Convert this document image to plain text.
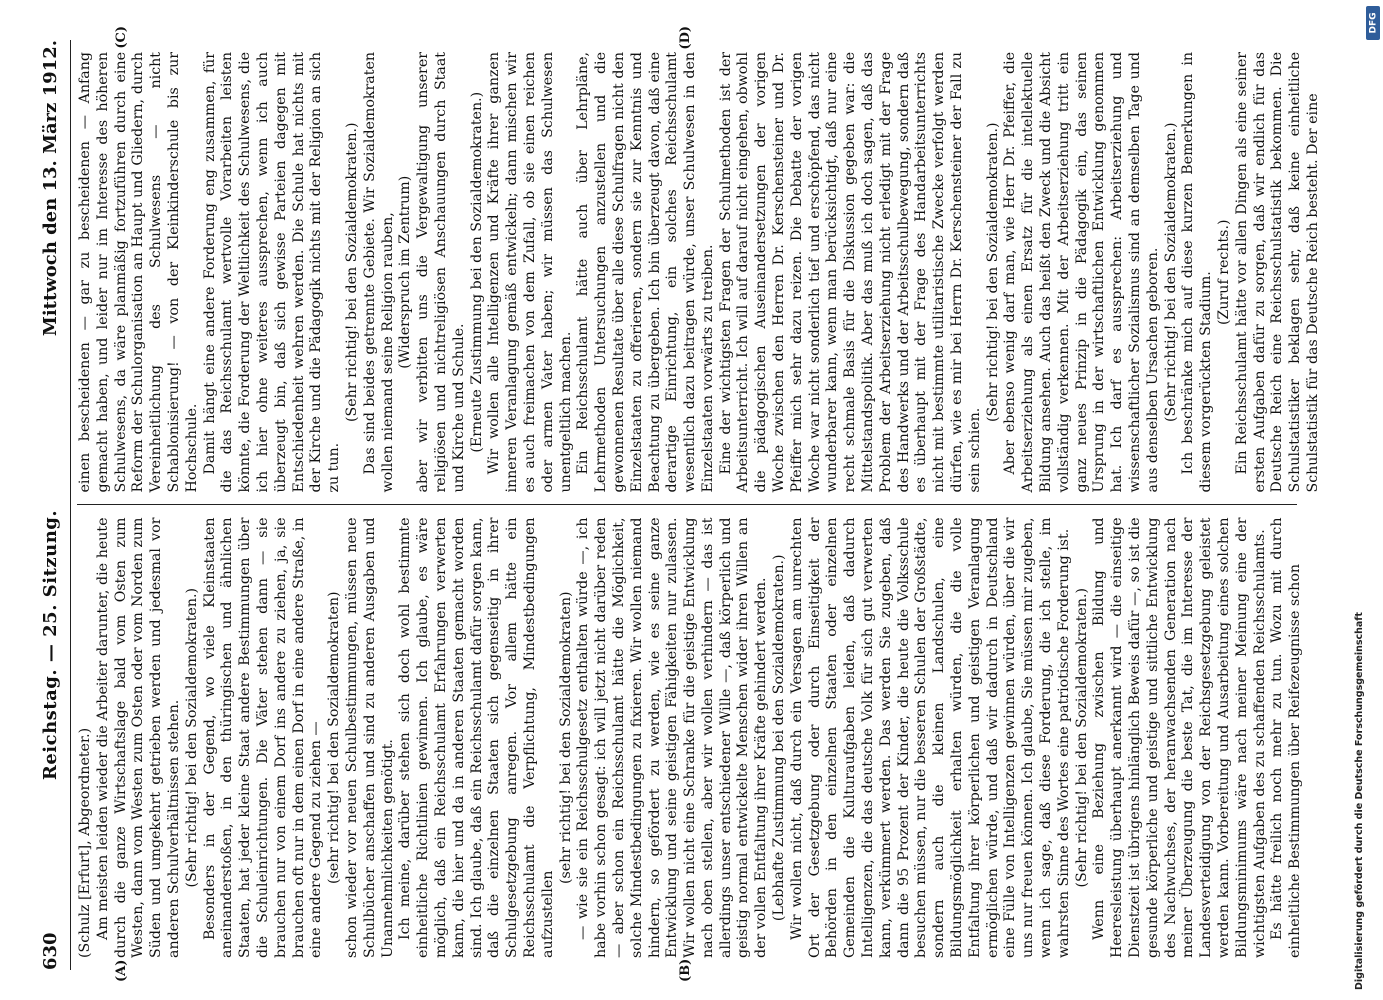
630
Reichstag. — 25. Sitzung.
Mittwoch den 13. März 1912.
(A)	(B)

(Schulz [Erfurt], Abgeordneter.) Am meisten leiden wieder die Arbeiter darunter, die heute durch die ganze Wirtschaftslage bald vom Osten zum Westen, dann vom Westen zum Osten oder vom Norden zum Süden und umgekehrt getrieben werden und jedesmal vor anderen Schulverhältnissen stehen. (Sehr richtig! bei den Sozialdemokraten.) Besonders in der Gegend, wo viele Kleinstaaten aneinanderstoßen, in den thüringischen und ähnlichen Staaten, hat jeder kleine Staat andere Bestimmungen über die Schuleinrichtungen. Die Väter stehen dann — sie brauchen nur von einem Dorf ins andere zu ziehen, ja, sie brauchen oft nur in dem einen Dorf in eine andere Straße, in eine andere Gegend zu ziehen — (sehr richtig! bei den Sozialdemokraten) schon wieder vor neuen Schulbestimmungen, müssen neue Schulbücher anschaffen und sind zu anderen Ausgaben und Unannehmlichkeiten genötigt. Ich meine, darüber stehen sich doch wohl bestimmte einheitliche Richtlinien gewinnen. Ich glaube, es wäre möglich, daß ein Reichsschulamt Erfahrungen verwerten kann, die hier und da in anderen Staaten gemacht worden sind. Ich glaube, daß ein Reichsschulamt dafür sorgen kann, daß die einzelnen Staaten sich gegenseitig in ihrer Schulgesetzgebung anregen. Vor allem hätte ein Reichsschulamt die Verpflichtung, Mindestbedingungen aufzustellen

(sehr richtig! bei den Sozialdemokraten) — wie sie ein Reichsschulgesetz enthalten würde —, ich habe vorhin schon gesagt: ich will jetzt nicht darüber reden — aber schon ein Reichsschulamt hätte die Möglichkeit, solche Mindestbedingungen zu fixieren. Wir wollen niemand hindern, so gefördert zu werden, wie es seine ganze Entwicklung und seine geistigen Fähigkeiten nur zulassen. Wir wollen nicht eine Schranke für die geistige Entwicklung nach oben stellen, aber wir wollen verhindern — das ist allerdings unser entschiedener Wille —, daß körperlich und geistig normal entwickelte Menschen wider ihren Willen an der vollen Entfaltung ihrer Kräfte gehindert werden. (Lebhafte Zustimmung bei den Sozialdemokraten.) Wir wollen nicht, daß durch ein Versagen am unrechten Ort der Gesetzgebung oder durch Einseitigkeit der Behörden in den einzelnen Staaten oder einzelnen Gemeinden die Kulturaufgaben leiden, daß dadurch Intelligenzen, die das deutsche Volk für sich gut verwerten kann, verkümmert werden. Das werden Sie zugeben, daß dann die 95 Prozent der Kinder, die heute die Volksschule besuchen müssen, nur die besseren Schulen der Großstädte, sondern auch die kleinen Landschulen, eine Bildungsmöglichkeit erhalten würden, die die volle Entfaltung ihrer körperlichen und geistigen Veranlagung ermöglichen würde, und daß wir dadurch in Deutschland eine Fülle von Intelligenzen gewinnen würden, über die wir uns nur freuen können. Ich glaube, Sie müssen mir zugeben, wenn ich sage, daß diese Forderung, die ich stelle, im wahrsten Sinne des Wortes eine patriotische Forderung ist. (Sehr richtig! bei den Sozialdemokraten.) Wenn eine Beziehung zwischen Bildung und Heeresleistung überhaupt anerkannt wird — die einseitige Dienstzeit ist übrigens hinlänglich Beweis dafür —, so ist die gesunde körperliche und geistige und sittliche Entwicklung des Nachwuchses, der heranwachsenden Generation nach meiner Überzeugung die beste Tat, die im Interesse der Landesverteidigung von der Reichsgesetzgebung geleistet werden kann. Vorbereitung und Ausarbeitung eines solchen Bildungsminimums wäre nach meiner Meinung eine der wichtigsten Aufgaben des zu schaffenden Reichsschulamts. Es hätte freilich noch mehr zu tun. Wozu mit durch einheitliche Bestimmungen über Reifezeugnisse schon

(C)	(D)

einen bescheidenen — gar zu bescheidenen — Anfang gemacht haben, und leider nur im Interesse des höheren Schulwesens, da wäre planmäßig fortzuführen durch eine Reform der Schulorganisation an Haupt und Gliedern, durch Vereinheitlichung des Schulwesens — nicht Schablonisierung! — von der Kleinkinderschule bis zur Hochschule. Damit hängt eine andere Forderung eng zusammen, für die das Reichsschulamt wertvolle Vorarbeiten leisten könnte, die Forderung der Weltlichkeit des Schulwesens, die ich hier ohne weiteres aussprechen, wenn ich auch überzeugt bin, daß sich gewisse Parteien dagegen mit Entschiedenheit wehren werden. Die Schule hat nichts mit der Kirche und die Pädagogik nichts mit der Religion an sich zu tun.

(Sehr richtig! bei den Sozialdemokraten.) Das sind beides getrennte Gebiete. Wir Sozialdemokraten wollen niemand seine Religion rauben, (Widerspruch im Zentrum) aber wir verbitten uns die Vergewaltigung unserer religiösen und nichtreligiösen Anschauungen durch Staat und Kirche und Schule. (Erneute Zustimmung bei den Sozialdemokraten.) Wir wollen alle Intelligenzen und Kräfte ihrer ganzen inneren Veranlagung gemäß entwickeln; dann mischen wir es auch freimachen von dem Zufall, ob sie einen reichen oder armen Vater haben; wir müssen das Schulwesen unentgeltlich machen. Ein Reichsschulamt hätte auch über Lehrpläne, Lehrmethoden Untersuchungen anzustellen und die gewonnenen Resultate über alle diese Schulfragen nicht den Einzelstaaten zu offerieren, sondern sie zur Kenntnis und Beachtung zu übergeben. Ich bin überzeugt davon, daß eine derartige Einrichtung, ein solches Reichsschulamt wesentlich dazu beitragen würde, unser Schulwesen in den Einzelstaaten vorwärts zu treiben. Eine der wichtigsten Fragen der Schulmethoden ist der Arbeitsunterricht. Ich will auf darauf nicht eingehen, obwohl die pädagogischen Auseinandersetzungen der vorigen Woche zwischen den Herren Dr. Kerschensteiner und Dr. Pfeiffer mich sehr dazu reizen. Die Debatte der vorigen Woche war nicht sonderlich tief und erschöpfend, das nicht wunderbarer kann, wenn man berücksichtigt, daß nur eine recht schmale Basis für die Diskussion gegeben war: die Mittelstandspolitik. Aber das muß ich doch sagen, daß das Problem der Arbeitserziehung nicht erledigt mit der Frage des Handwerks und der Arbeitsschulbewegung, sondern daß es überhaupt mit der Frage des Handarbeitsunterrichts nicht mit bestimmte utilitaristische Zwecke verfolgt werden dürfen, wie es mir bei Herrn Dr. Kerschensteiner der Fall zu sein schien.

(Sehr richtig! bei den Sozialdemokraten.) Aber ebenso wenig darf man, wie Herr Dr. Pfeiffer, die Arbeitserziehung als einen Ersatz für die intellektuelle Bildung ansehen. Auch das heißt den Zweck und die Absicht vollständig verkennen. Mit der Arbeitserziehung tritt ein ganz neues Prinzip in die Pädagogik ein, das seinen Ursprung in der wirtschaftlichen Entwicklung genommen hat. Ich darf es aussprechen: Arbeitserziehung und wissenschaftlicher Sozialismus sind an demselben Tage und aus denselben Ursachen geboren. (Sehr richtig! bei den Sozialdemokraten.) Ich beschränke mich auf diese kurzen Bemerkungen in diesem vorgerückten Stadium. (Zuruf rechts.) Ein Reichsschulamt hätte vor allen Dingen als eine seiner ersten Aufgaben dafür zu sorgen, daß wir endlich für das Deutsche Reich eine Reichsschulstatistik bekommen. Die Schulstatistiker beklagen sehr, daß keine einheitliche Schulstatistik für das Deutsche Reich besteht. Der eine

DFG
Digitalisierung gefördert durch die Deutsche Forschungsgemeinschaft
